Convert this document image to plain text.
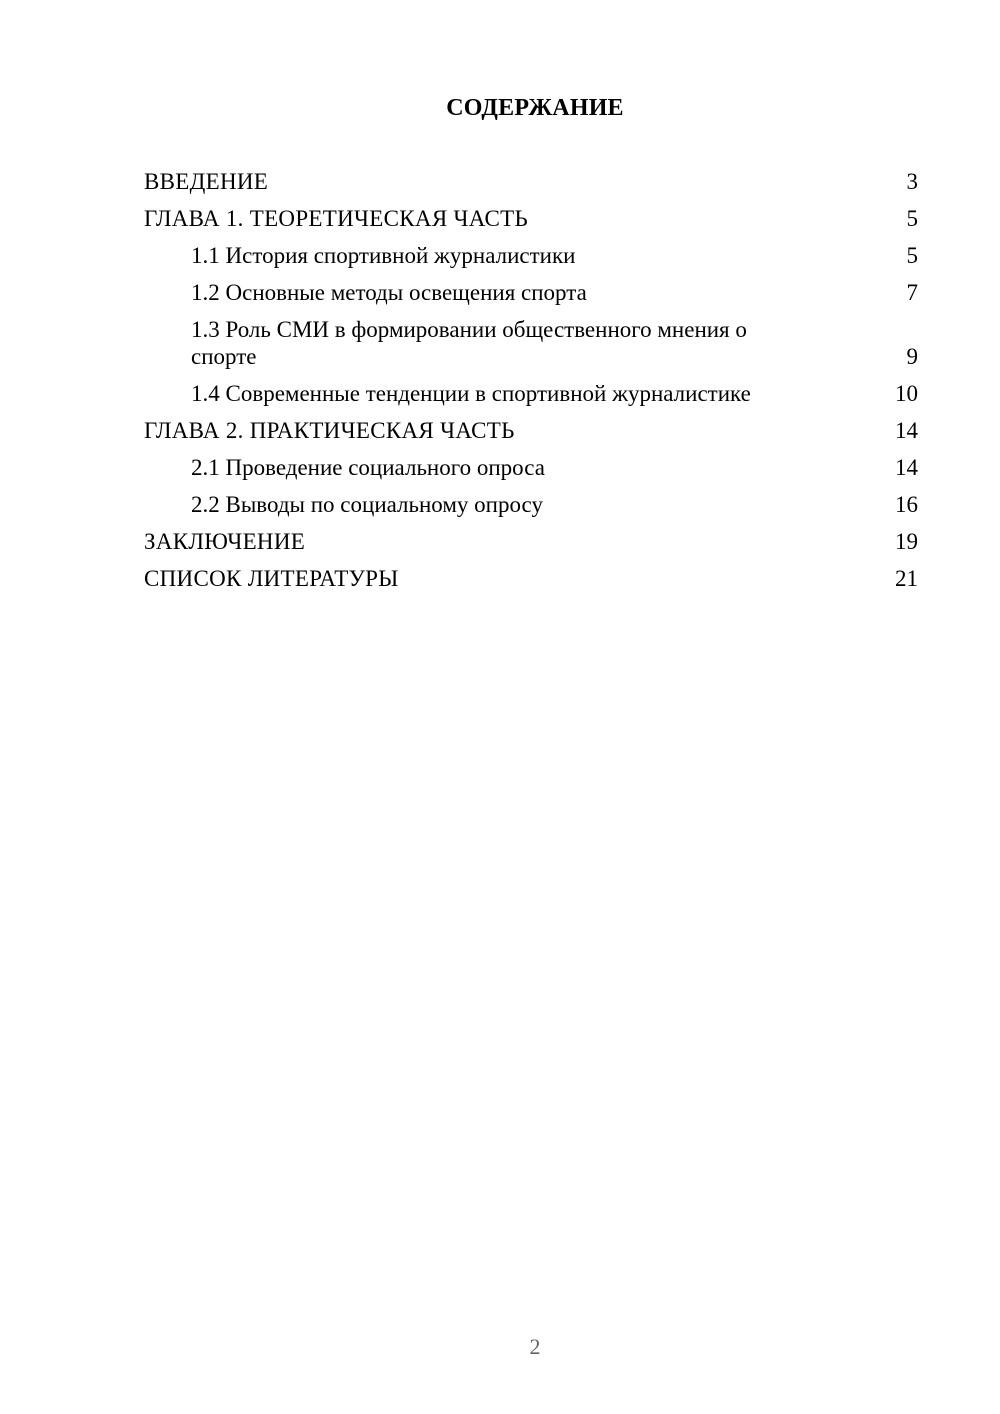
СОДЕРЖАНИЕ
ВВЕДЕНИЕ	3
ГЛАВА 1. ТЕОРЕТИЧЕСКАЯ ЧАСТЬ	5
1.1 История спортивной журналистики	5
1.2 Основные методы освещения спорта	7
1.3 Роль СМИ в формировании общественного мнения о спорте	9
1.4 Современные тенденции в спортивной журналистике	10
ГЛАВА 2. ПРАКТИЧЕСКАЯ ЧАСТЬ	14
2.1 Проведение социального опроса	14
2.2 Выводы по социальному опросу	16
ЗАКЛЮЧЕНИЕ	19
СПИСОК ЛИТЕРАТУРЫ	21
2
